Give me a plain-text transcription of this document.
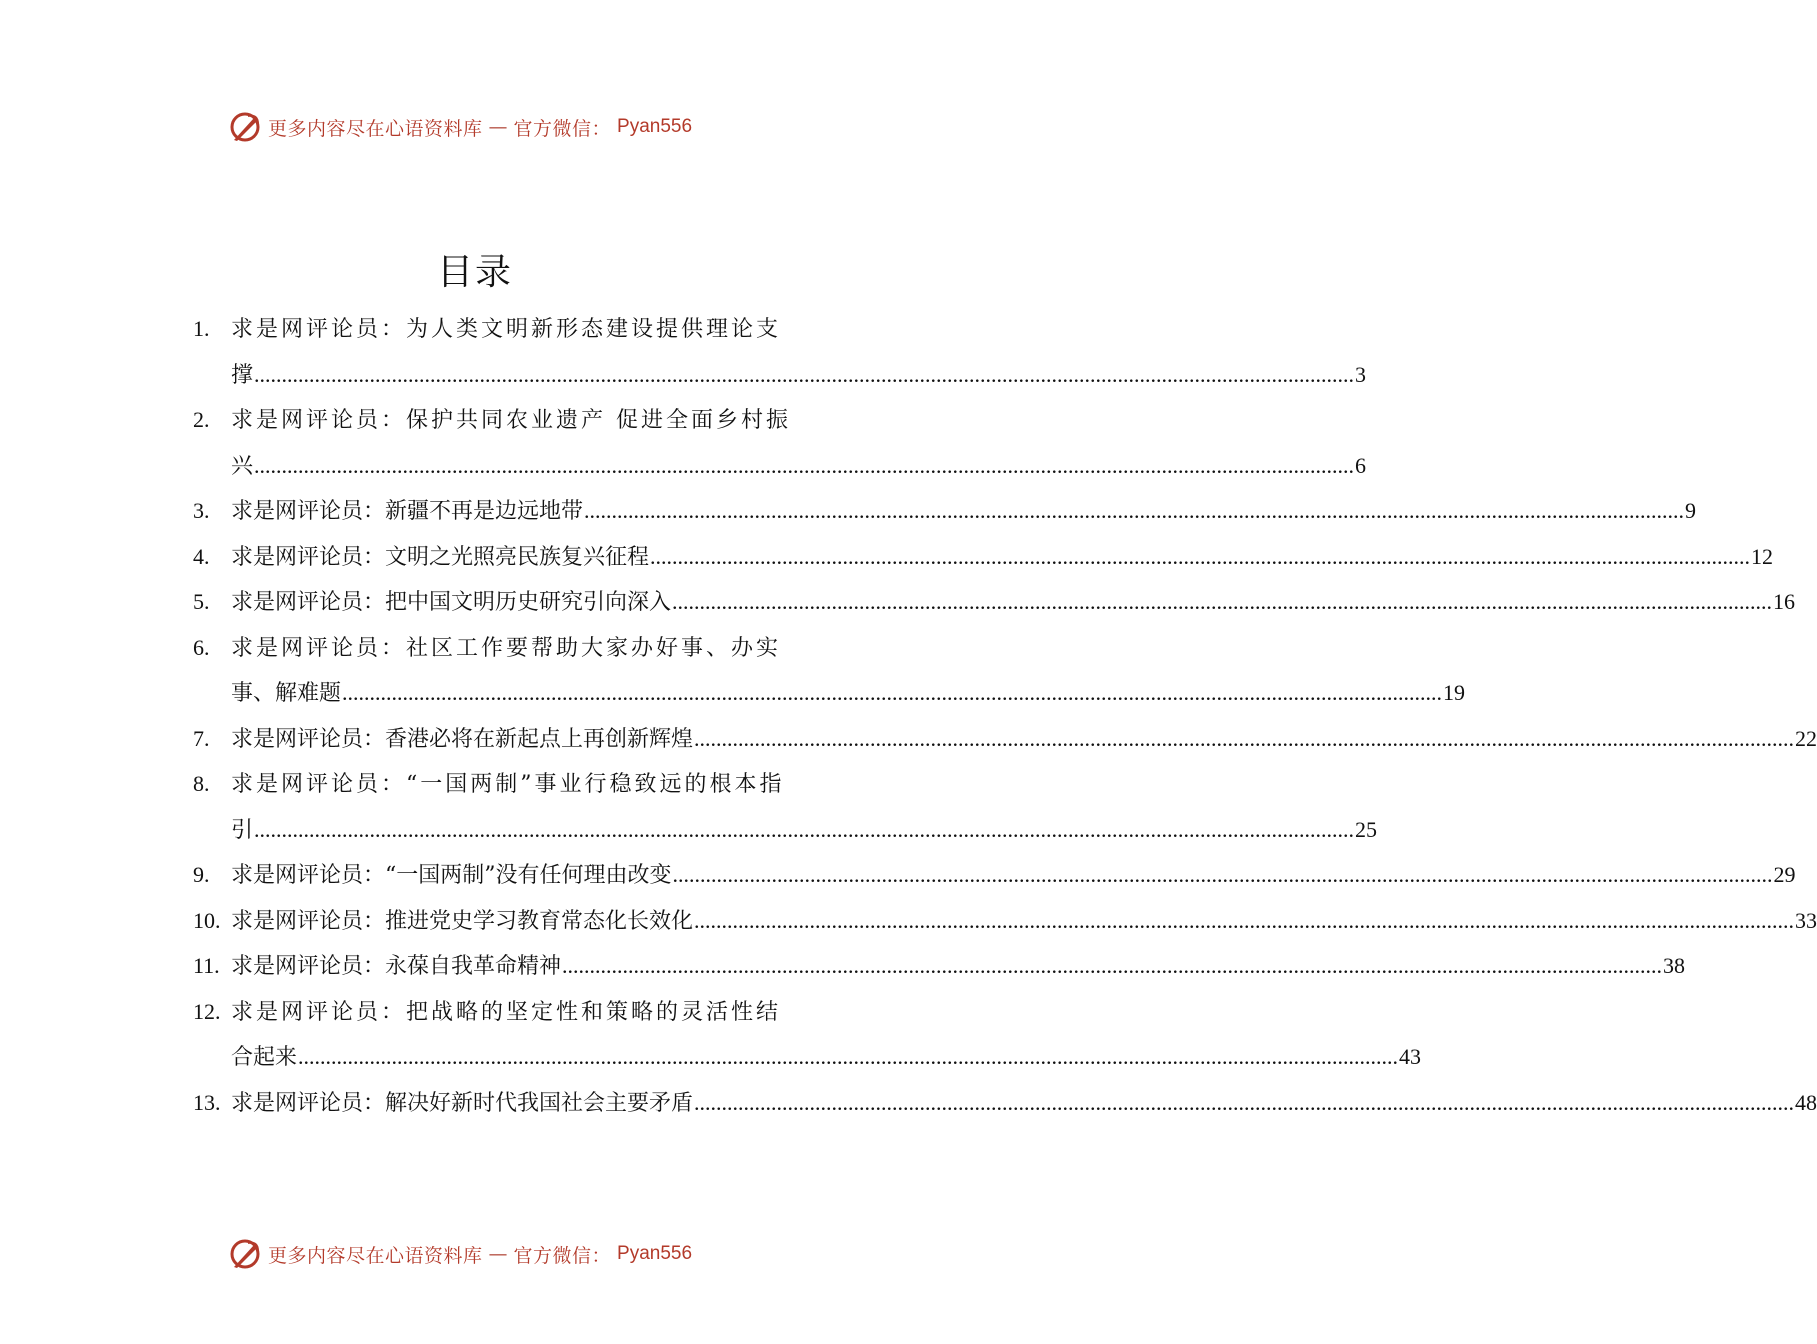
更多内容尽在心语资料库 — 官方微信： Pyan556
目录
1. 求是网评论员：为人类文明新形态建设提供理论支
撑 ........................................................................................................................................................................................................ 3
2. 求是网评论员：保护共同农业遗产 促进全面乡村振
兴 ........................................................................................................................................................................................................ 6
3. 求是网评论员：新疆不再是边远地带 ........................................................................................................................................................................................................ 9
4. 求是网评论员：文明之光照亮民族复兴征程 ........................................................................................................................................................................................................ 12
5. 求是网评论员：把中国文明历史研究引向深入 ........................................................................................................................................................................................................ 16
6. 求是网评论员：社区工作要帮助大家办好事、办实
事、解难题 ........................................................................................................................................................................................................ 19
7. 求是网评论员：香港必将在新起点上再创新辉煌 ........................................................................................................................................................................................................ 22
8. 求是网评论员：“一国两制”事业行稳致远的根本指
引 ........................................................................................................................................................................................................ 25
9. 求是网评论员：“一国两制”没有任何理由改变 ........................................................................................................................................................................................................ 29
10. 求是网评论员：推进党史学习教育常态化长效化 ........................................................................................................................................................................................................ 33
11. 求是网评论员：永葆自我革命精神 ........................................................................................................................................................................................................ 38
12. 求是网评论员：把战略的坚定性和策略的灵活性结
合起来 ........................................................................................................................................................................................................ 43
13. 求是网评论员：解决好新时代我国社会主要矛盾 ........................................................................................................................................................................................................ 48
更多内容尽在心语资料库 — 官方微信： Pyan556
